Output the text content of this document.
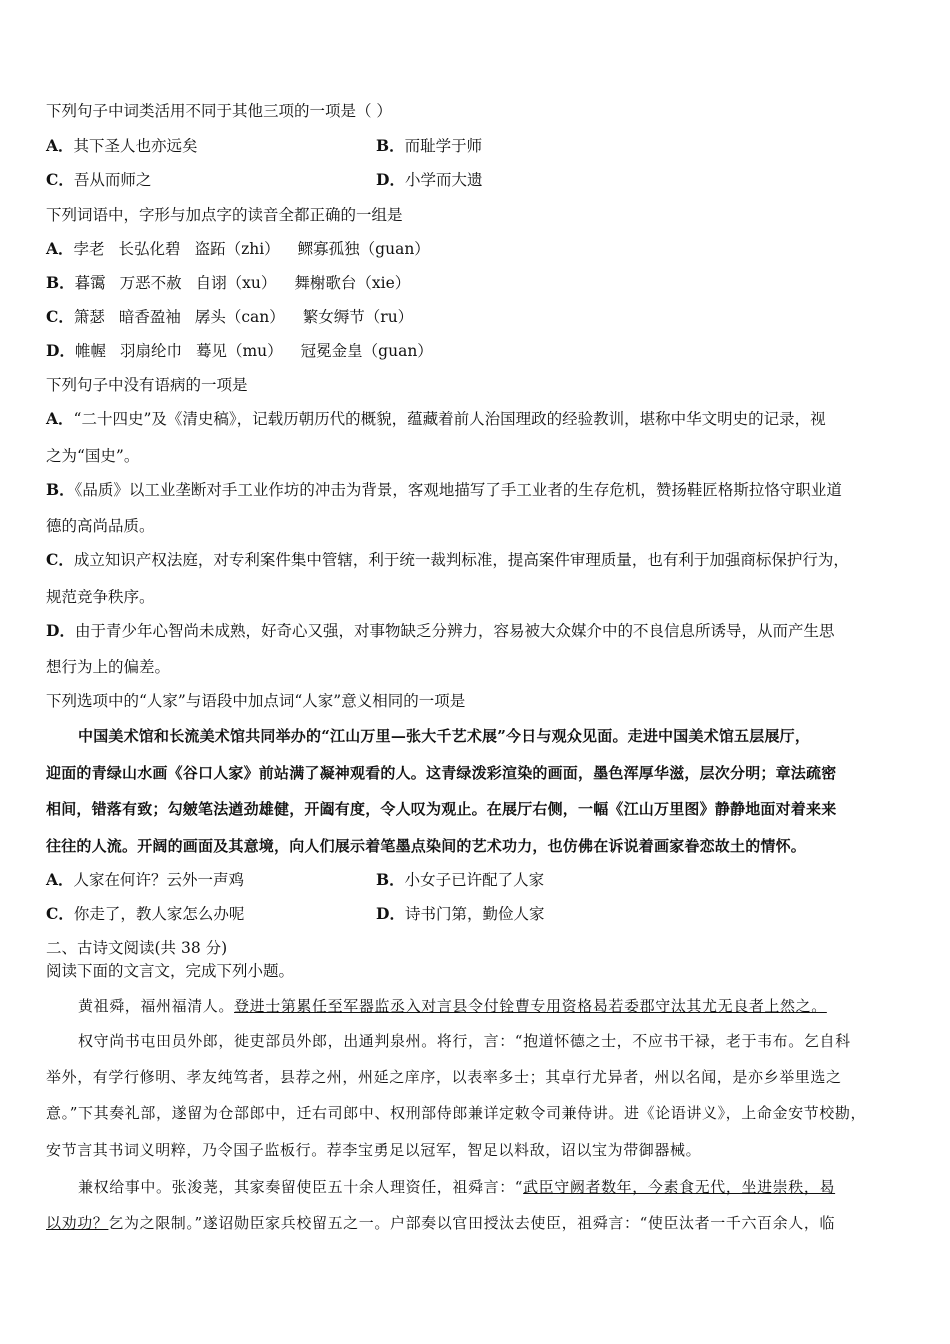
下列句子中词类活用不同于其他三项的一项是（ ）
A．其下圣人也亦远矣	B．而耻学于师
C．吾从而师之	D．小学而大遗
下列词语中，字形与加点字的读音全都正确的一组是
A．孛老 长弘化碧 盗跖（zhi） 鳏寡孤独（guan）
B．暮霭 万恶不赦 自诩（xu） 舞榭歌台（xie）
C．箫瑟 暗香盈袖 孱头（can） 繁女缛节（ru）
D．帷幄 羽扇纶巾 蓦见（mu） 冠冕金皇（guan）
下列句子中没有语病的一项是
A．“二十四史”及《清史稿》，记载历朝历代的概貌，蕴藏着前人治国理政的经验教训，堪称中华文明史的记录，视
之为“国史”。
B．《品质》以工业垄断对手工业作坊的冲击为背景，客观地描写了手工业者的生存危机，赞扬鞋匠格斯拉恪守职业道
德的高尚品质。
C．成立知识产权法庭，对专利案件集中管辖，利于统一裁判标准，提高案件审理质量，也有利于加强商标保护行为，
规范竞争秩序。
D．由于青少年心智尚未成熟，好奇心又强，对事物缺乏分辨力，容易被大众媒介中的不良信息所诱导，从而产生思
想行为上的偏差。
下列选项中的“人家”与语段中加点词“人家”意义相同的一项是
中国美术馆和长流美术馆共同举办的“江山万里—张大千艺术展”今日与观众见面。走进中国美术馆五层展厅，
迎面的青绿山水画《谷口人家》前站满了凝神观看的人。这青绿泼彩渲染的画面，墨色浑厚华滋，层次分明；章法疏密
相间，错落有致；勾皴笔法遒劲雄健，开阖有度，令人叹为观止。在展厅右侧，一幅《江山万里图》静静地面对着来来
往往的人流。开阔的画面及其意境，向人们展示着笔墨点染间的艺术功力，也仿佛在诉说着画家眷恋故土的情怀。
A．人家在何许？云外一声鸡	B．小女子已许配了人家
C．你走了，教人家怎么办呢	D．诗书门第，勤俭人家
二、古诗文阅读(共 38 分)
阅读下面的文言文，完成下列小题。
黄祖舜，福州福清人。登进士第累任至军器监丞入对言县令付铨曹专用资格曷若委郡守汰其尤无良者上然之。
权守尚书屯田员外郎，徙吏部员外郎，出通判泉州。将行，言：“抱道怀德之士，不应书干禄，老于韦布。乞自科
举外，有学行修明、孝友纯笃者，县荐之州，州延之庠序，以表率多士；其卓行尤异者，州以名闻，是亦乡举里选之
意。”下其奏礼部，遂留为仓部郎中，迁右司郎中、权刑部侍郎兼详定敕令司兼侍讲。进《论语讲义》，上命金安节校勘，
安节言其书词义明粹，乃令国子监板行。荐李宝勇足以冠军，智足以料敌，诏以宝为带御器械。
兼权给事中。张浚荛，其家奏留使臣五十余人理资任，祖舜言：“武臣守阙者数年，今素食无代，坐进崇秩，曷
以劝功？乞为之限制。”遂诏勋臣家兵校留五之一。户部奏以官田授汰去使臣，祖舜言：“使臣汰者一千六百余人，临
